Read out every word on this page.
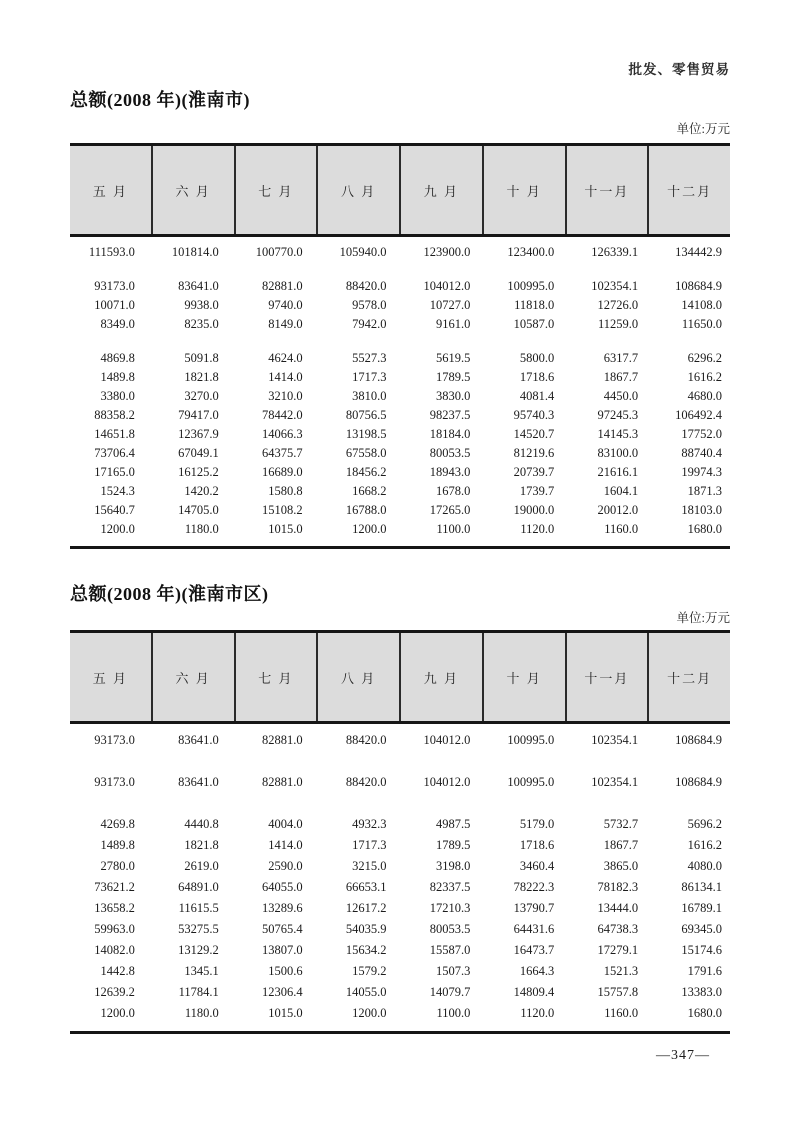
批发、零售贸易
总额(2008 年)(淮南市)
单位:万元
五 月	六 月	七 月	八 月	九 月	十 月	十一月	十二月
111593.0	101814.0	100770.0	105940.0	123900.0	123400.0	126339.1	134442.9
93173.0	83641.0	82881.0	88420.0	104012.0	100995.0	102354.1	108684.9
10071.0	9938.0	9740.0	9578.0	10727.0	11818.0	12726.0	14108.0
8349.0	8235.0	8149.0	7942.0	9161.0	10587.0	11259.0	11650.0
4869.8	5091.8	4624.0	5527.3	5619.5	5800.0	6317.7	6296.2
1489.8	1821.8	1414.0	1717.3	1789.5	1718.6	1867.7	1616.2
3380.0	3270.0	3210.0	3810.0	3830.0	4081.4	4450.0	4680.0
88358.2	79417.0	78442.0	80756.5	98237.5	95740.3	97245.3	106492.4
14651.8	12367.9	14066.3	13198.5	18184.0	14520.7	14145.3	17752.0
73706.4	67049.1	64375.7	67558.0	80053.5	81219.6	83100.0	88740.4
17165.0	16125.2	16689.0	18456.2	18943.0	20739.7	21616.1	19974.3
1524.3	1420.2	1580.8	1668.2	1678.0	1739.7	1604.1	1871.3
15640.7	14705.0	15108.2	16788.0	17265.0	19000.0	20012.0	18103.0
1200.0	1180.0	1015.0	1200.0	1100.0	1120.0	1160.0	1680.0
总额(2008 年)(淮南市区)
单位:万元
五 月	六 月	七 月	八 月	九 月	十 月	十一月	十二月
93173.0	83641.0	82881.0	88420.0	104012.0	100995.0	102354.1	108684.9
93173.0	83641.0	82881.0	88420.0	104012.0	100995.0	102354.1	108684.9
4269.8	4440.8	4004.0	4932.3	4987.5	5179.0	5732.7	5696.2
1489.8	1821.8	1414.0	1717.3	1789.5	1718.6	1867.7	1616.2
2780.0	2619.0	2590.0	3215.0	3198.0	3460.4	3865.0	4080.0
73621.2	64891.0	64055.0	66653.1	82337.5	78222.3	78182.3	86134.1
13658.2	11615.5	13289.6	12617.2	17210.3	13790.7	13444.0	16789.1
59963.0	53275.5	50765.4	54035.9	80053.5	64431.6	64738.3	69345.0
14082.0	13129.2	13807.0	15634.2	15587.0	16473.7	17279.1	15174.6
1442.8	1345.1	1500.6	1579.2	1507.3	1664.3	1521.3	1791.6
12639.2	11784.1	12306.4	14055.0	14079.7	14809.4	15757.8	13383.0
1200.0	1180.0	1015.0	1200.0	1100.0	1120.0	1160.0	1680.0
—347—
